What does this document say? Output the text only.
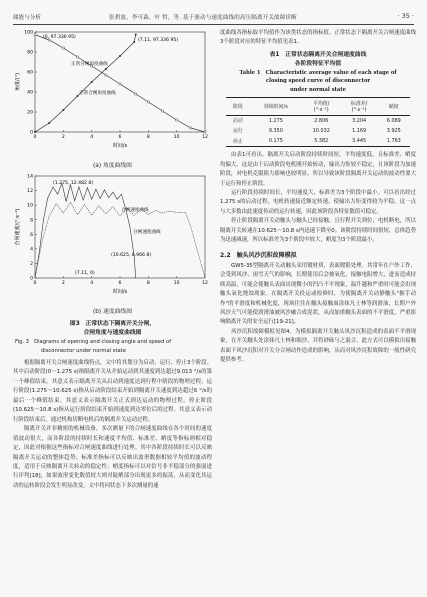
储能与分析	张碧波，李可森，叶 哲，等. 基于驱动与速度曲线的高压隔离开关故障诊断	· 35 ·
0	2	4	6	8	10	12
0
20
40
60
80
100
时间/s
角度/(°)
(0, 97.336 95)
正常分闸角度曲线
正常合闸角度曲线
(7.11, 97.336 95)
(a) 角度曲线图
0	2	4	6	8	10	12
0
2
4
6
8
10
12
14
时间/s
合闸速度/(°·s⁻¹)
(1.275, 12.482 8)
合闸速度曲线
分闸速度曲线
(10.625, 8.966 8)
(7.11, 0)
(b) 速度曲线图
图3　正常状态下隔离开关分闸、
合闸角度与速度曲线图
Fig. 3　Diagrams of opening and closing angle and speed of
disconnector under normal state

根据隔离开关合闸速度曲线特点，文中将其划分为启动、运行、停止3个阶段。其中启动阶段(0～1.275 s)指隔离开关从开始运动到其速度到达超过9.013 °/s的第一个峰值结束。其意义表示隔离开关从启动到速度达到行程中阶段的物理过程。运行阶段(1.275～10.625 s)指从启动阶段结束开始到隔离开关速度到达超过6 °/s的最后一个峰值结束。其意义表示隔离开关正式到达运动的物理过程。停止阶段(10.625～10.8 s)指从运行阶段结束开始到速度到达零位后的过程。其意义表示动行阶段结束后，通过机构切断电机后的隔离开关运动过程。

隔离开关并非精密的机械设备，多次测量下的合闸速度曲线在各个时间的速度值波动很大，而各阶段的持续时长和速度平均值、标准差、峭度等指标则相对稳定，因此对根据这些指标对合闸速度曲线进行处理。其中各阶段持续时长可以反映隔离开关运动的整体趋势；标准差指标可以反映出波形数据相较平均值的波动程度，适用于反映隔离开关转动的稳定性；峭度指标可以对信号非平稳部分的强弱进行评判[18]，如果波形变化数值较大则对陡峭部分出现更多的振荡，从而变化其运动的运转阶段会发生明显改变。文中将同状态下多次测量的速

度曲线各指标取平均值作为该类状态的指标值。正常状态下隔离开关合闸速度曲线3个阶段对应的特征平均值见表1。

表1　正常状态隔离开关合闸速度曲线
各阶段特征平均值
Table 1　Characteristic average value of each stage of
closing speed curve of disconnector
under normal state
阶段	持续时间/s	平均值/
(°·s⁻¹)	标准差/
(°·s⁻¹)	峭度
启动	1.275	2.806	3.204	6.089
运行	9.350	10.032	1.169	3.925
停止	0.175	5.382	3.445	1.763

由表1可看出，隔离开关启动阶段持续时间短，平均速度低，且标准差、峭度均偏大。这是由于启动阶段电机刚开始转动，输出力矩较不稳定，且该阶段为加速阶段，对电机克服阻力影响也较明显，所以导致该阶段隔离开关运动的波动性要大于运行和停止阶段。

运行阶段持续时间长，平均速度大，标准差为3个阶段中最小。可以看出经过1.275 s的启动过程，电机转速接近额定转速，使输出力矩变得较为平稳。这一点与大多数由此速度传动的运行转速，因此该阶段各特征数值可稳定。

停止阶段隔离开关动触头与触头已经接触，且行程开关到位，电机断电，所以隔离开关转速在10.625～10.8 s内迅速下降至0。该阶段持续时间很短，总体趋势为迅速减速，所以标准差为3个阶段中较大，峭度为3个阶段最小。

2.2　触头风沙沉积故障模拟

GW5-35型隔离开关动触头采用镀材质，表面镀银处理。其常年在户外工作，会受到风沙、雨雪天气的影响，长期使用后会被氧化，接触电阻增大，进而造成持续高温，可能会使触头表面出现微小的凹凸不平现象，温升越和严重时可能会出现触头氧化烧蚀现象。在隔离开关投运或检修时，为使隔离开关动静触头"握手动作"的平滑度和机械化度，现场往往在触头接触面涂抹凡士林等润滑油，长期户外风沙天气可能使润滑油被风沙融合成泥状，从而加重触头表面的不平滑度，严重影响隔离开关的安全运行[19-21]。

风沙沉积故障模拟见图4。为模拟隔离开关触头风沙沉积造成的表面不平滑现象，在开关触头处涂抹凡士林和细沙，并将砂砾与之混合。此方式可以模拟出接触表面下风沙沉积对开关分合闸动作造成的影响，从而对风沙沉积故障的一般性研究提供参考。
